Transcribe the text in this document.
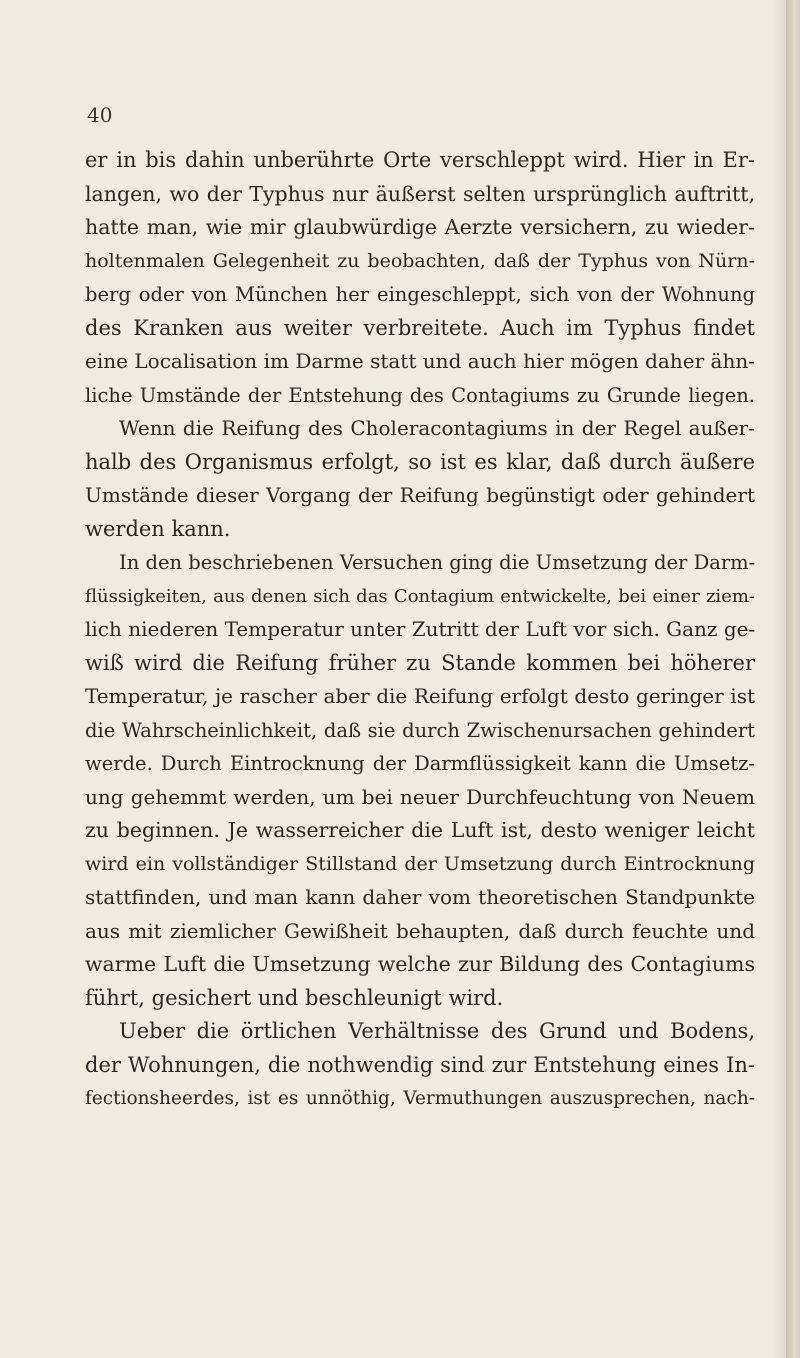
40
er in bis dahin unberührte Orte verschleppt wird. Hier in Er-
langen, wo der Typhus nur äußerst selten ursprünglich auftritt,
hatte man, wie mir glaubwürdige Aerzte versichern, zu wieder-
holtenmalen Gelegenheit zu beobachten, daß der Typhus von Nürn-
berg oder von München her eingeschleppt, sich von der Wohnung
des Kranken aus weiter verbreitete. Auch im Typhus findet
eine Localisation im Darme statt und auch hier mögen daher ähn-
liche Umstände der Entstehung des Contagiums zu Grunde liegen.
Wenn die Reifung des Choleracontagiums in der Regel außer-
halb des Organismus erfolgt, so ist es klar, daß durch äußere
Umstände dieser Vorgang der Reifung begünstigt oder gehindert
werden kann.
In den beschriebenen Versuchen ging die Umsetzung der Darm-
flüssigkeiten, aus denen sich das Contagium entwickelte, bei einer ziem-
lich niederen Temperatur unter Zutritt der Luft vor sich. Ganz ge-
wiß wird die Reifung früher zu Stande kommen bei höherer
Temperatur, je rascher aber die Reifung erfolgt desto geringer ist
die Wahrscheinlichkeit, daß sie durch Zwischenursachen gehindert
werde. Durch Eintrocknung der Darmflüssigkeit kann die Umsetz-
ung gehemmt werden, um bei neuer Durchfeuchtung von Neuem
zu beginnen. Je wasserreicher die Luft ist, desto weniger leicht
wird ein vollständiger Stillstand der Umsetzung durch Eintrocknung
stattfinden, und man kann daher vom theoretischen Standpunkte
aus mit ziemlicher Gewißheit behaupten, daß durch feuchte und
warme Luft die Umsetzung welche zur Bildung des Contagiums
führt, gesichert und beschleunigt wird.
Ueber die örtlichen Verhältnisse des Grund und Bodens,
der Wohnungen, die nothwendig sind zur Entstehung eines In-
fectionsheerdes, ist es unnöthig, Vermuthungen auszusprechen, nach-
